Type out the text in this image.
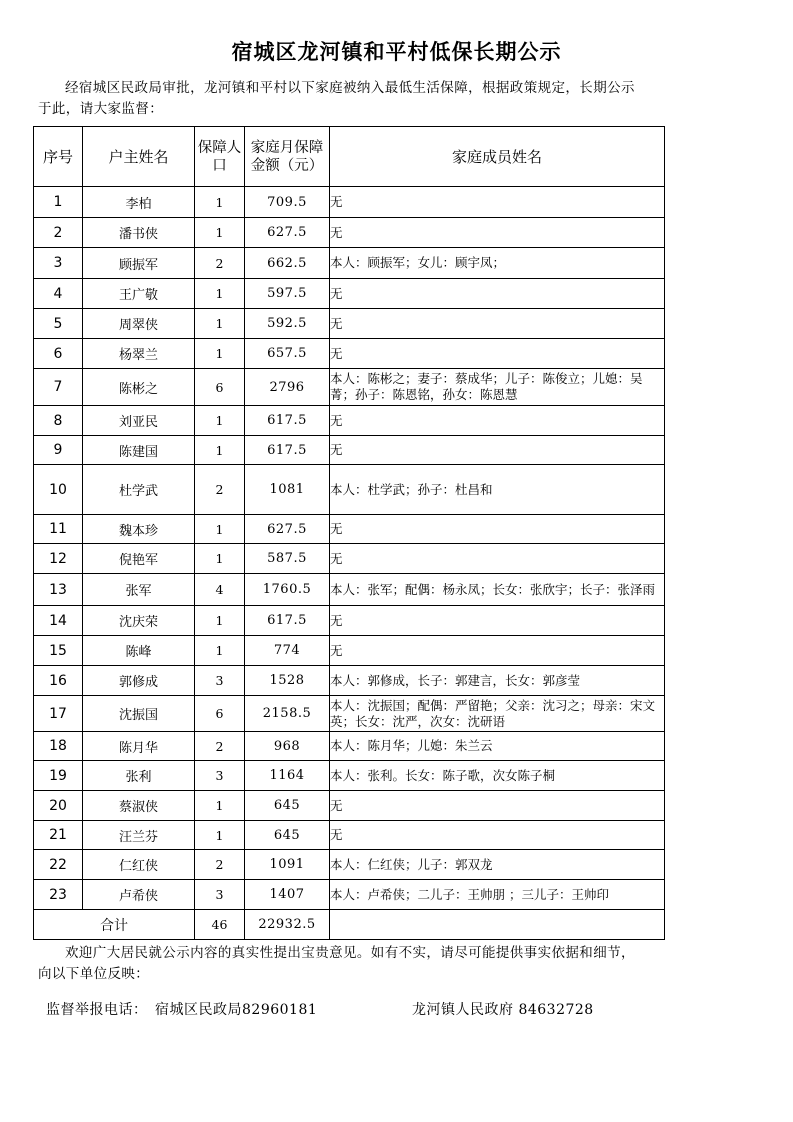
宿城区龙河镇和平村低保长期公示
经宿城区民政局审批，龙河镇和平村以下家庭被纳入最低生活保障，根据政策规定，长期公示于此，请大家监督：
序号	户主姓名	保障人口	家庭月保障金额（元）	家庭成员姓名
1	李柏	1	709.5	无
2	潘书侠	1	627.5	无
3	顾振军	2	662.5	本人：顾振军；女儿：顾宇凤；
4	王广敬	1	597.5	无
5	周翠侠	1	592.5	无
6	杨翠兰	1	657.5	无
7	陈彬之	6	2796	本人：陈彬之；妻子：蔡成华；儿子：陈俊立；儿媳：吴菁；孙子：陈恩铭，孙女：陈恩慧
8	刘亚民	1	617.5	无
9	陈建国	1	617.5	无
10	杜学武	2	1081	本人：杜学武；孙子：杜昌和
11	魏本珍	1	627.5	无
12	倪艳军	1	587.5	无
13	张军	4	1760.5	本人：张军；配偶：杨永凤；长女：张欣宇；长子：张泽雨
14	沈庆荣	1	617.5	无
15	陈峰	1	774	无
16	郭修成	3	1528	本人：郭修成，长子：郭建言，长女：郭彦莹
17	沈振国	6	2158.5	本人：沈振国；配偶：严留艳；父亲：沈习之；母亲：宋文英；长女：沈严，次女：沈研语
18	陈月华	2	968	本人：陈月华；儿媳：朱兰云
19	张利	3	1164	本人：张利。长女：陈子歌，次女陈子桐
20	蔡淑侠	1	645	无
21	汪兰芬	1	645	无
22	仁红侠	2	1091	本人：仁红侠；儿子：郭双龙
23	卢希侠	3	1407	本人：卢希侠；二儿子：王帅朋 ；三儿子：王帅印
合计		46	22932.5	
欢迎广大居民就公示内容的真实性提出宝贵意见。如有不实，请尽可能提供事实依据和细节，向以下单位反映：
监督举报电话：　宿城区民政局82960181	龙河镇人民政府 84632728
